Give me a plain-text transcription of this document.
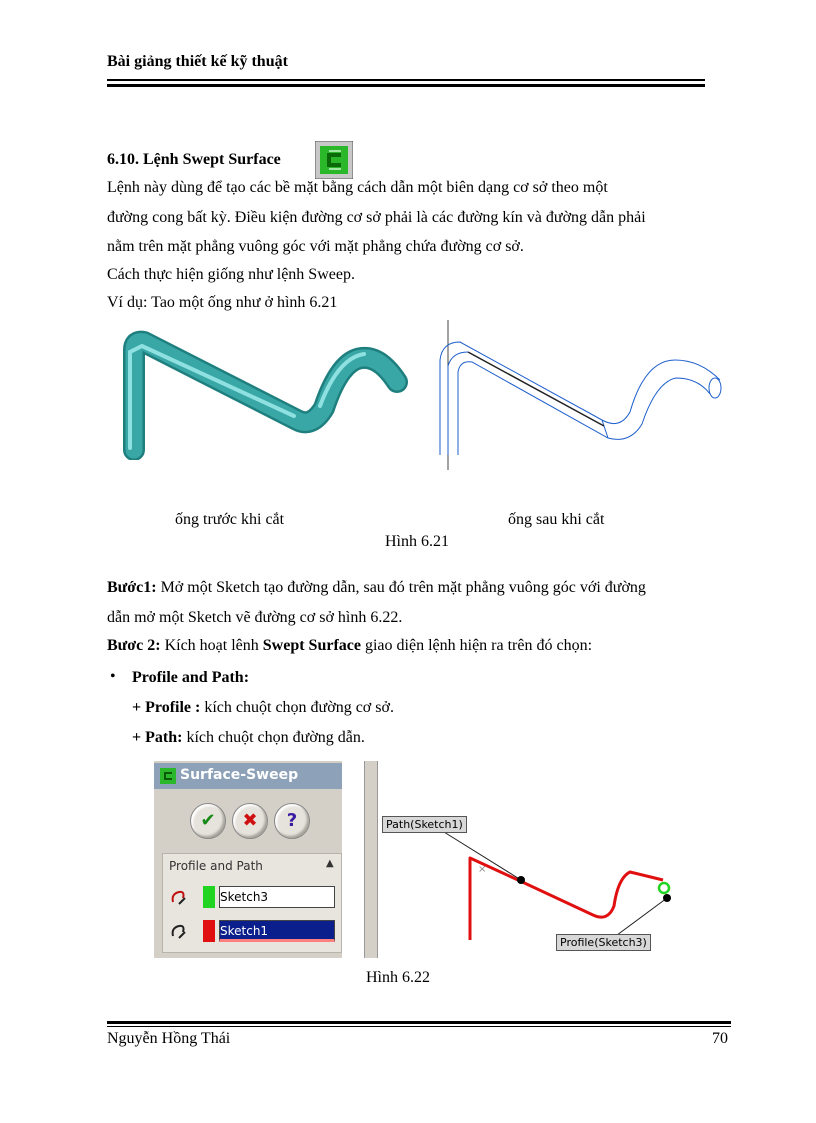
Bài giảng thiết kế kỹ thuật
6.10. Lệnh Swept Surface
Lệnh này dùng để tạo các bề mặt bằng cách dẫn một biên dạng cơ sở theo một
đường cong bất kỳ. Điều kiện đường cơ sở phải là các đường kín và đường dẫn phải
nằm trên mặt phẳng vuông góc với mặt phẳng chứa đường cơ sở.
Cách thực hiện giống như lệnh Sweep.
Ví dụ: Tao một ống như ở hình 6.21
ống trước khi cắt	ống sau khi cắt
Hình 6.21
Bước1: Mở một Sketch tạo đường dẫn, sau đó trên mặt phẳng vuông góc với đường
dẫn mở một Sketch vẽ đường cơ sở hình 6.22.
Bươc 2: Kích hoạt lênh Swept Surface giao diện lệnh hiện ra trên đó chọn:
• Profile and Path:
+ Profile : kích chuột chọn đường cơ sở.
+ Path: kích chuột chọn đường dẫn.
Surface-Sweep
✔	✖	?
Profile and Path	▲
Sketch3
Sketch1
×
Path(Sketch1)
Profile(Sketch3)
Hình 6.22
Nguyễn Hồng Thái	70
